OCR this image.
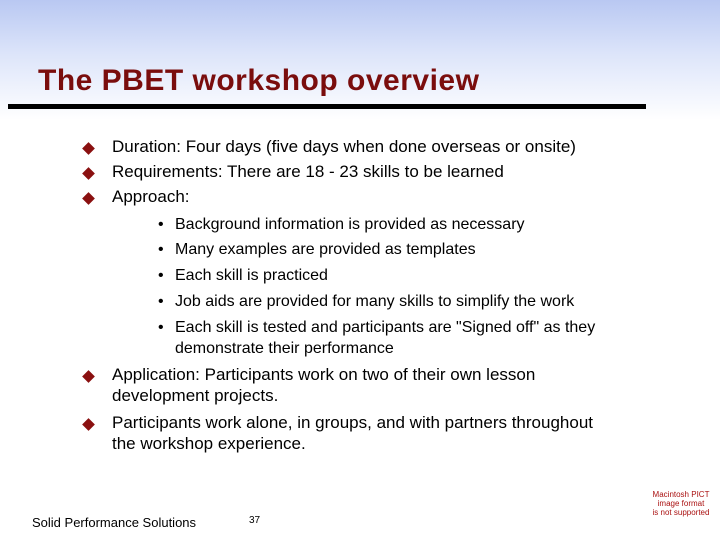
The PBET workshop overview
Duration: Four days (five days when done overseas or onsite)
Requirements: There are 18 - 23 skills to be learned
Approach:
• Background information is provided as necessary
• Many examples are provided as templates
• Each skill is practiced
• Job aids are provided for many skills to simplify the work
• Each skill is tested and participants are "Signed off" as they
demonstrate their performance
Application: Participants work on two of their own lesson
development projects.
Participants work alone, in groups, and with partners throughout
the workshop experience.
Solid Performance Solutions	37
Macintosh PICT
image format
is not supported
